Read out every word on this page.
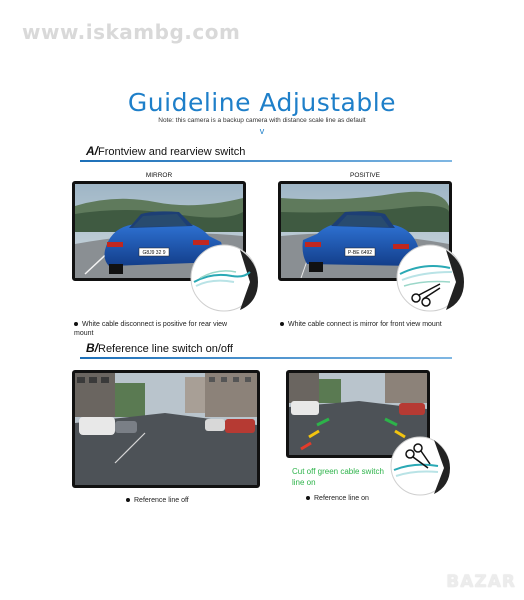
www.iskambg.com
Guideline Adjustable
Note: this camera is a backup camera with distance scale line as default
v
A/Frontview and rearview switch
MIRROR	POSITIVE
G8J9 32 9	P-BE 6492
White cable disconnect is positive for rear view mount
White cable connect is mirror for front view mount
B/Reference line switch on/off
Cut off green cable switch line on
Reference line off	Reference line on
BAZAR
